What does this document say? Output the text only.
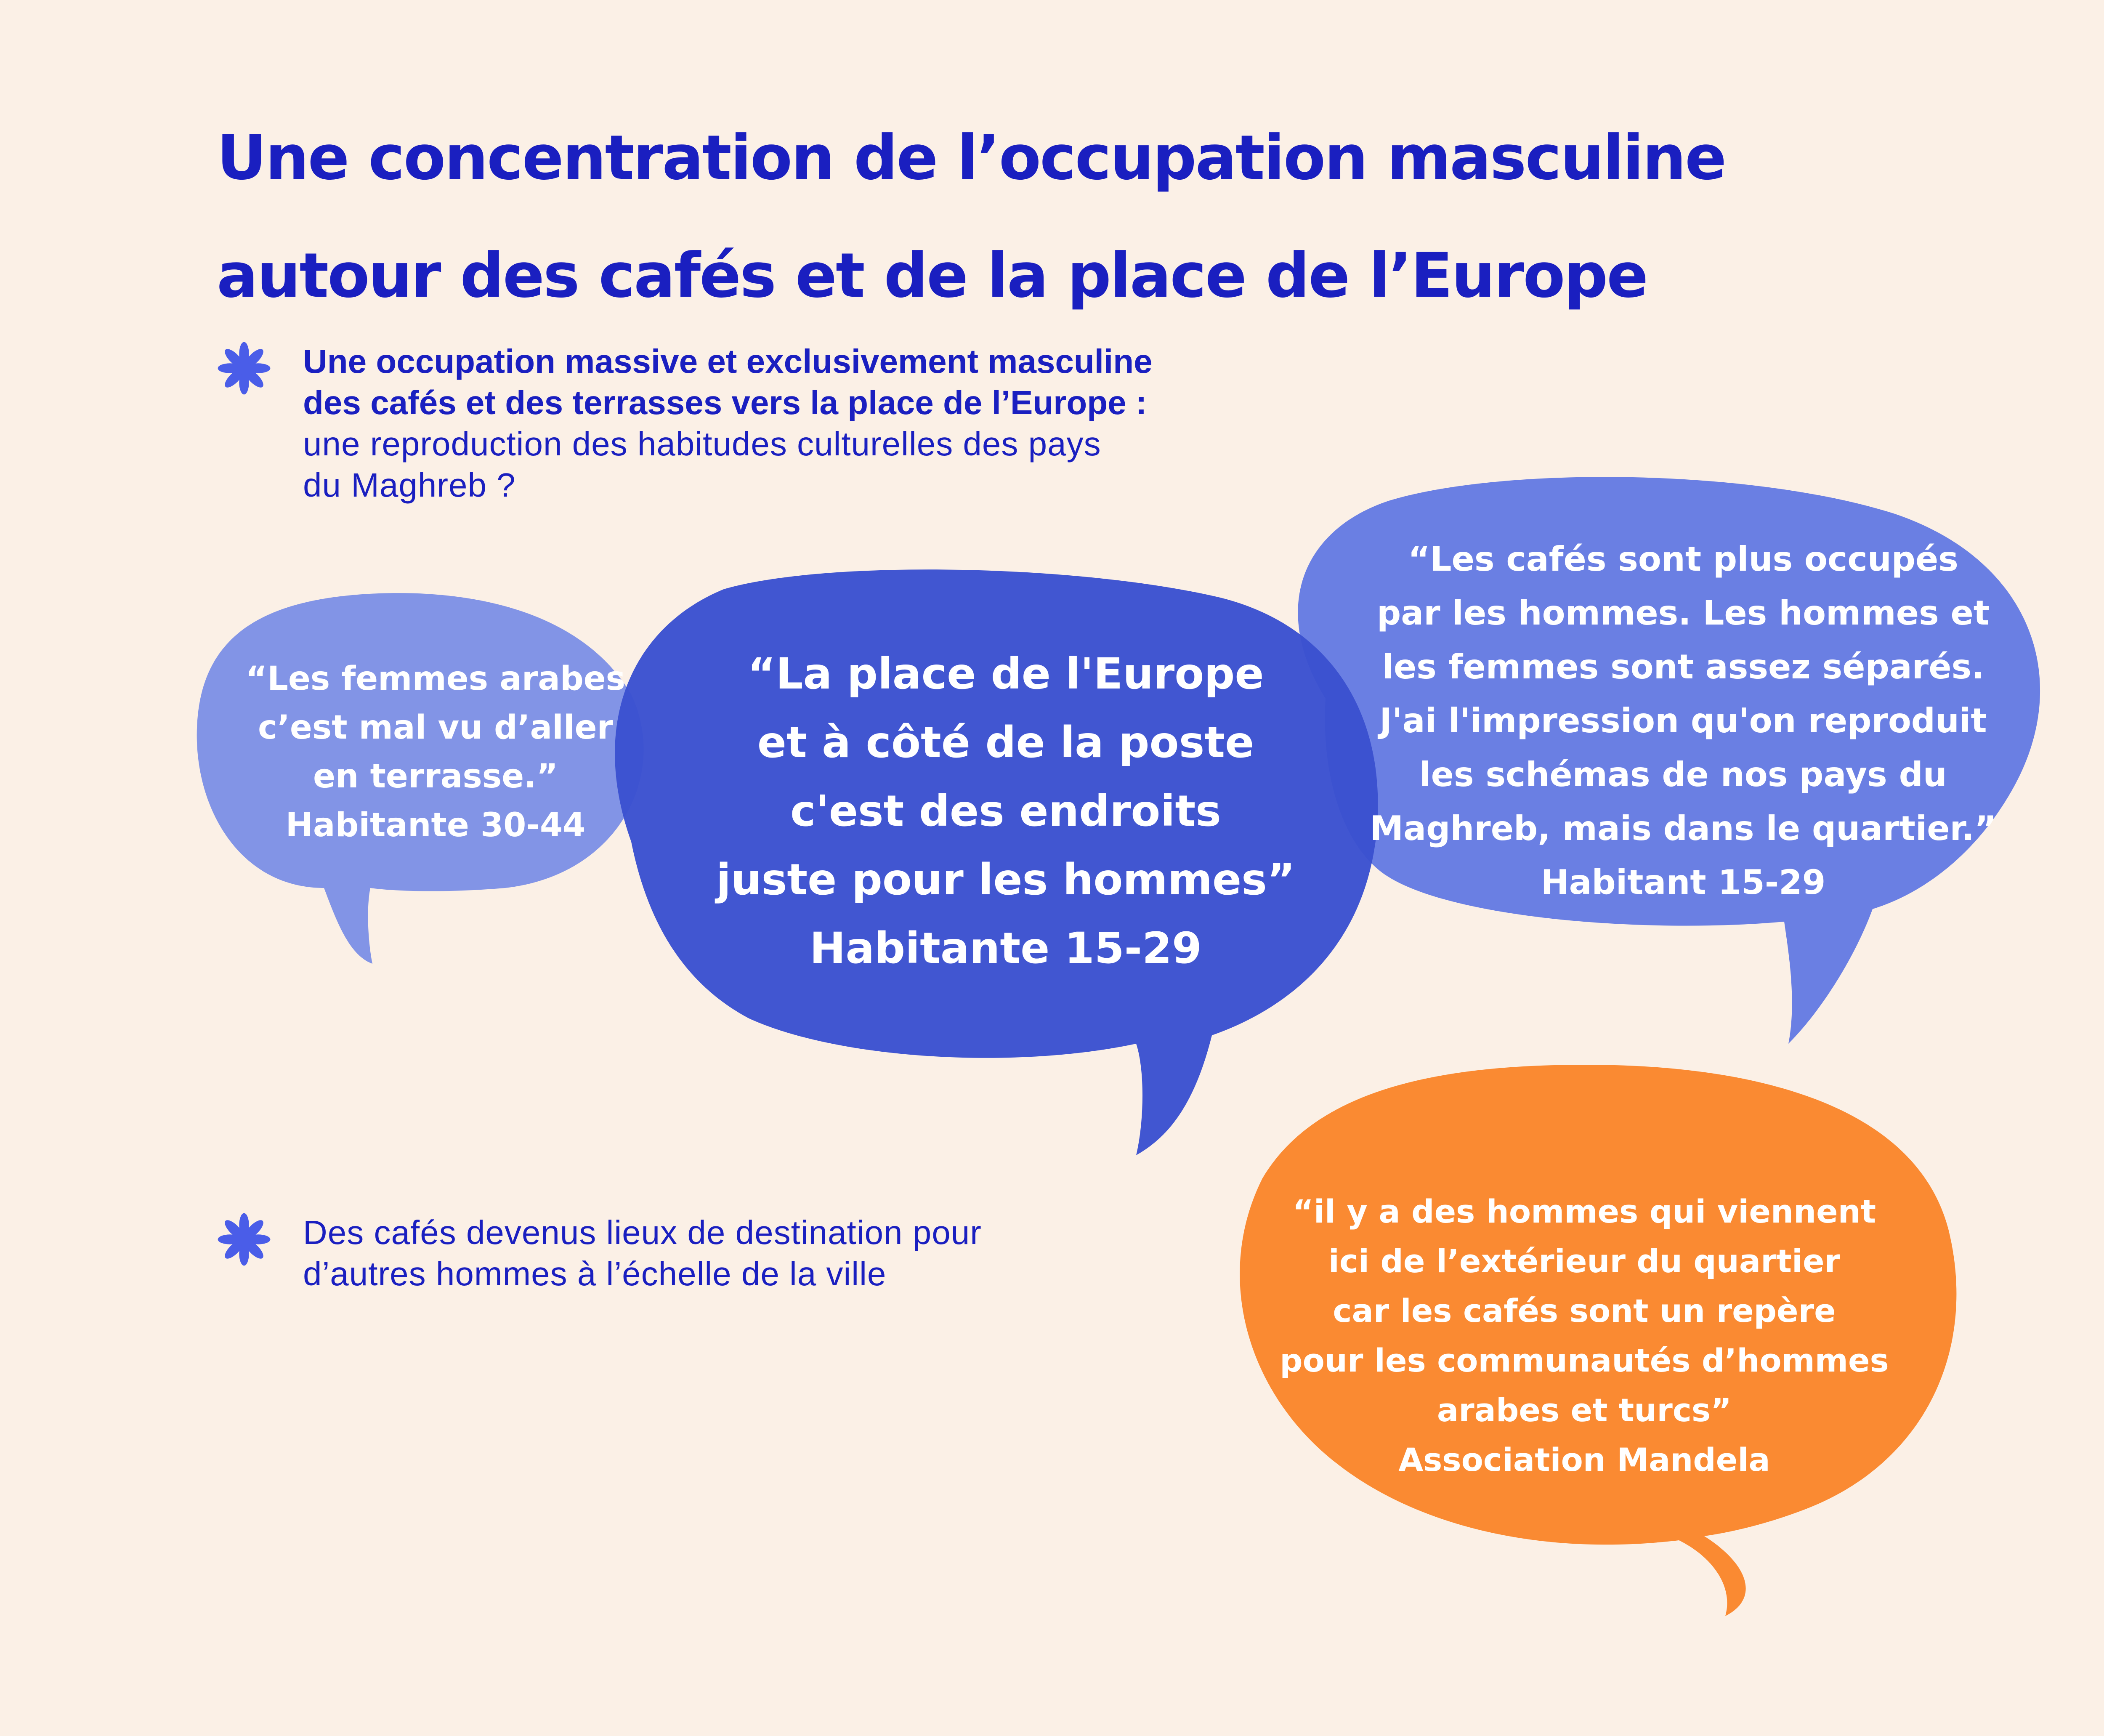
Une concentration de l’occupation masculine
autour des cafés et de la place de l’Europe
Une occupation massive et exclusivement masculine
des cafés et des terrasses vers la place de l’Europe :
une reproduction des habitudes culturelles des pays
du Maghreb ?
Des cafés devenus lieux de destination pour
d’autres hommes à l’échelle de la ville
“Les femmes arabes
c’est mal vu d’aller
en terrasse.”
Habitante 30-44
“La place de l'Europe
et à côté de la poste
c'est des endroits
juste pour les hommes”
Habitante 15-29
“Les cafés sont plus occupés
par les hommes. Les hommes et
les femmes sont assez séparés.
J'ai l'impression qu'on reproduit
les schémas de nos pays du
Maghreb, mais dans le quartier.”
Habitant 15-29
“il y a des hommes qui viennent
ici de l’extérieur du quartier
car les cafés sont un repère
pour les communautés d’hommes
arabes et turcs”
Association Mandela
